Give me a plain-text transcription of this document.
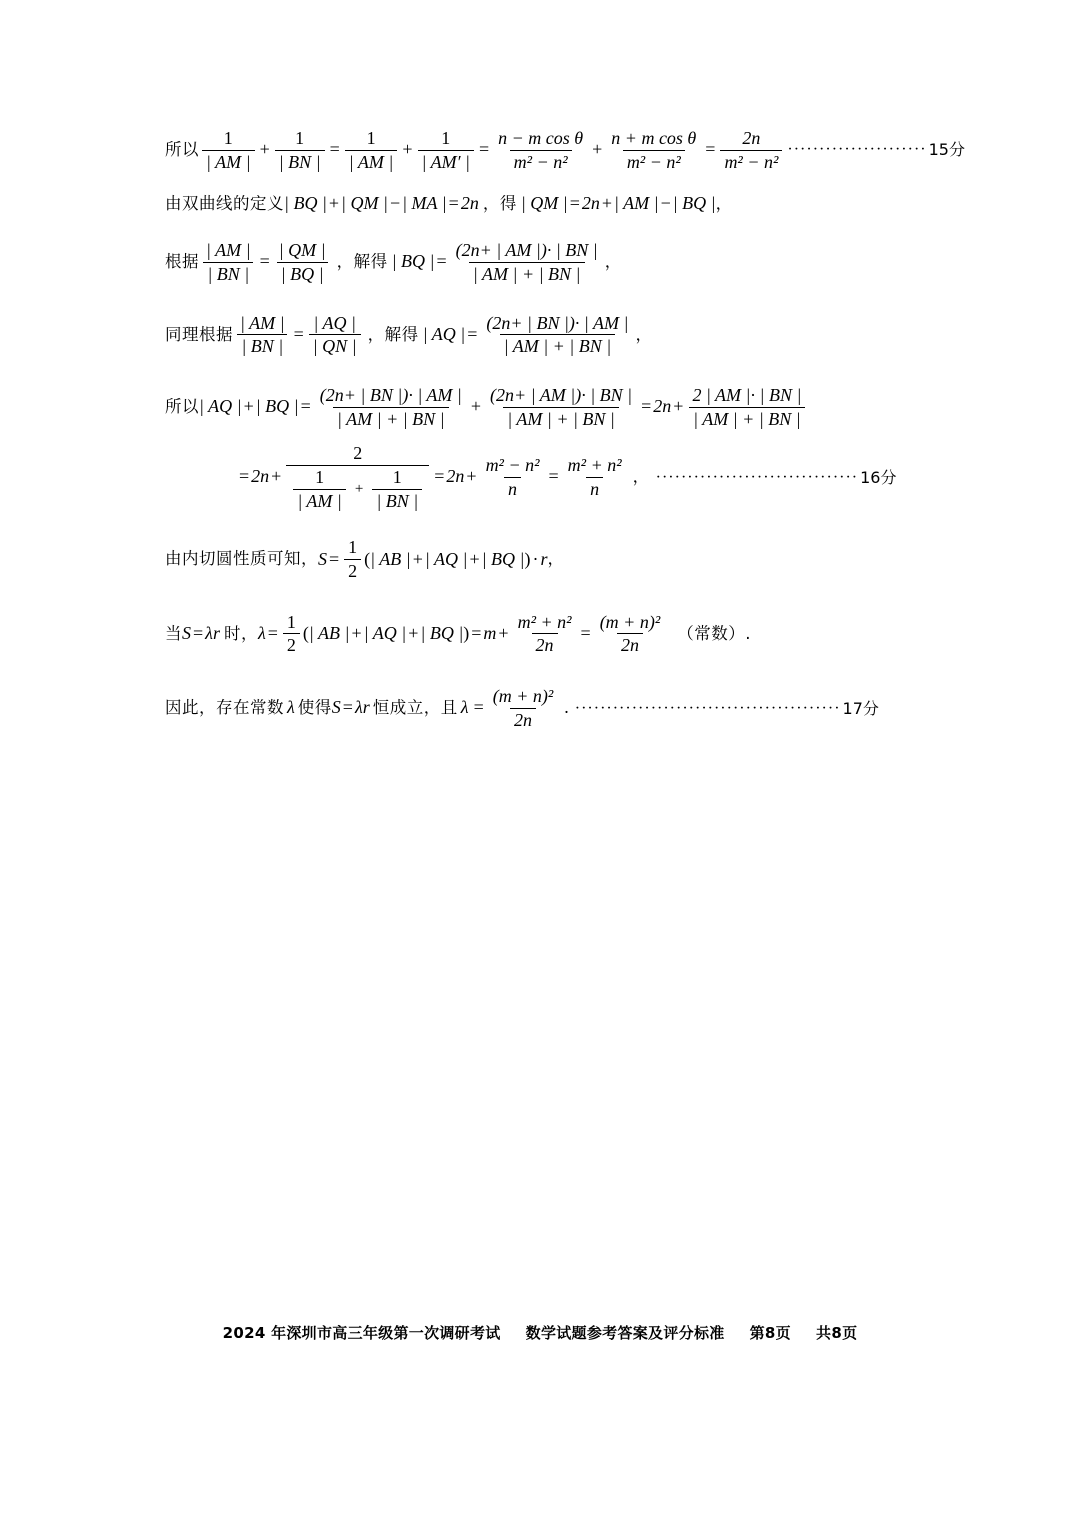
所以 $\frac{1}{| AM |} + \frac{1}{| BN |} = \frac{1}{| AM |} + \frac{1}{| AM' |} = \frac{\text{n − m cos θ}}{\text{m² − n²}} + \frac{\text{n + m cos θ}}{\text{m² − n²}} = \frac{2n}{\text{m² − n²}}$ ······················ 15分
由双曲线的定义 | BQ | + | QM | − | MA | = 2n ，得 | QM | = 2n + | AM | − | BQ | ，
根据 $\frac{| AM |}{| BN |} = \frac{| QM |}{| BQ |}$ ，解得 | BQ | = $\frac{(2n+ | AM |)\cdot | BN |}{| AM | + | BN |}$ ，
同理根据 $\frac{| AM |}{| BN |} = \frac{| AQ |}{| QN |}$ ，解得 | AQ | = $\frac{(2n+ | BN |)\cdot | AM |}{| AM | + | BN |}$ ，
所以 | AQ | + | BQ | = $\frac{(2n+ | BN |)\cdot | AM |}{| AM | + | BN |} + \frac{(2n+ | AM |)\cdot | BN |}{| AM | + | BN |} = 2n + \frac{2 | AM |\cdot | BN |}{| AM | + | BN |}$
= 2n +
2
$\frac{1}{| AM |} + \frac{1}{| BN |} = 2n + \frac{\text{m² − n²}}{n} = \frac{\text{m² + n²}}{n}$ ， ································ 16分
由内切圆性质可知， $S = \frac{1}{2}$ ( | AB | + | AQ | + | BQ | ) · r ，
当 S = λ r 时， $\lambda = \frac{1}{2}$ ( | AB | + | AQ | + | BQ | ) = $m + \frac{\text{m² + n²}}{2n} = \frac{\text{(m + n)²}}{2n}$ （常数）.
因此，存在常数 λ 使得 S = λ r 恒成立，且 $\lambda = \frac{\text{(m + n)²}}{2n}$ . ·········································· 17分
2024 年深圳市高三年级第一次调研考试 数学试题参考答案及评分标准 第8页 共8页
